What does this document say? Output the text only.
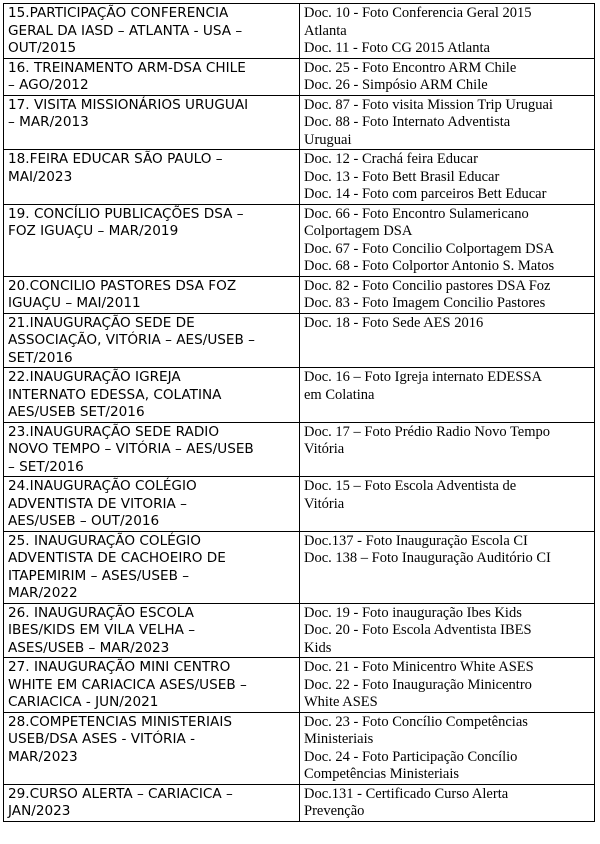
15.PARTICIPAÇÃO CONFERENCIA
GERAL DA IASD – ATLANTA - USA –
OUT/2015	Doc. 10 - Foto Conferencia Geral 2015
Atlanta
Doc. 11 - Foto CG 2015 Atlanta

16. TREINAMENTO ARM-DSA CHILE
– AGO/2012	Doc. 25 - Foto Encontro ARM Chile
Doc. 26 - Simpósio ARM Chile

17. VISITA MISSIONÁRIOS URUGUAI
– MAR/2013	Doc. 87 - Foto visita Mission Trip Uruguai
Doc. 88 - Foto Internato Adventista
Uruguai

18.FEIRA EDUCAR SÃO PAULO –
MAI/2023	Doc. 12 - Crachá feira Educar
Doc. 13 - Foto Bett Brasil Educar
Doc. 14 - Foto com parceiros Bett Educar

19. CONCÍLIO PUBLICAÇÕES DSA –
FOZ IGUAÇU – MAR/2019	Doc. 66 - Foto Encontro Sulamericano
Colportagem DSA
Doc. 67 - Foto Concilio Colportagem DSA
Doc. 68 - Foto Colportor Antonio S. Matos

20.CONCILIO PASTORES DSA FOZ
IGUAÇU – MAI/2011	Doc. 82 - Foto Concilio pastores DSA Foz
Doc. 83 - Foto Imagem Concilio Pastores

21.INAUGURAÇÃO SEDE DE
ASSOCIAÇÃO, VITÓRIA – AES/USEB –
SET/2016	Doc. 18 - Foto Sede AES 2016

22.INAUGURAÇÃO IGREJA
INTERNATO EDESSA, COLATINA
AES/USEB SET/2016	Doc. 16 – Foto Igreja internato EDESSA
em Colatina

23.INAUGURAÇÃO SEDE RADIO
NOVO TEMPO – VITÓRIA – AES/USEB
– SET/2016	Doc. 17 – Foto Prédio Radio Novo Tempo
Vitória

24.INAUGURAÇÃO COLÉGIO
ADVENTISTA DE VITORIA –
AES/USEB – OUT/2016	Doc. 15 – Foto Escola Adventista de
Vitória

25. INAUGURAÇÃO COLÉGIO
ADVENTISTA DE CACHOEIRO DE
ITAPEMIRIM – ASES/USEB –
MAR/2022	Doc.137 - Foto Inauguração Escola CI
Doc. 138 – Foto Inauguração Auditório CI

26. INAUGURAÇÃO ESCOLA
IBES/KIDS EM VILA VELHA –
ASES/USEB – MAR/2023	Doc. 19 - Foto inauguração Ibes Kids
Doc. 20 - Foto Escola Adventista IBES
Kids

27. INAUGURAÇÃO MINI CENTRO
WHITE EM CARIACICA ASES/USEB –
CARIACICA - JUN/2021	Doc. 21 - Foto Minicentro White ASES
Doc. 22 - Foto Inauguração Minicentro
White ASES

28.COMPETENCIAS MINISTERIAIS
USEB/DSA ASES - VITÓRIA -
MAR/2023	Doc. 23 - Foto Concílio Competências
Ministeriais
Doc. 24 - Foto Participação Concílio
Competências Ministeriais

29.CURSO ALERTA – CARIACICA –
JAN/2023	Doc.131 - Certificado Curso Alerta
Prevenção
